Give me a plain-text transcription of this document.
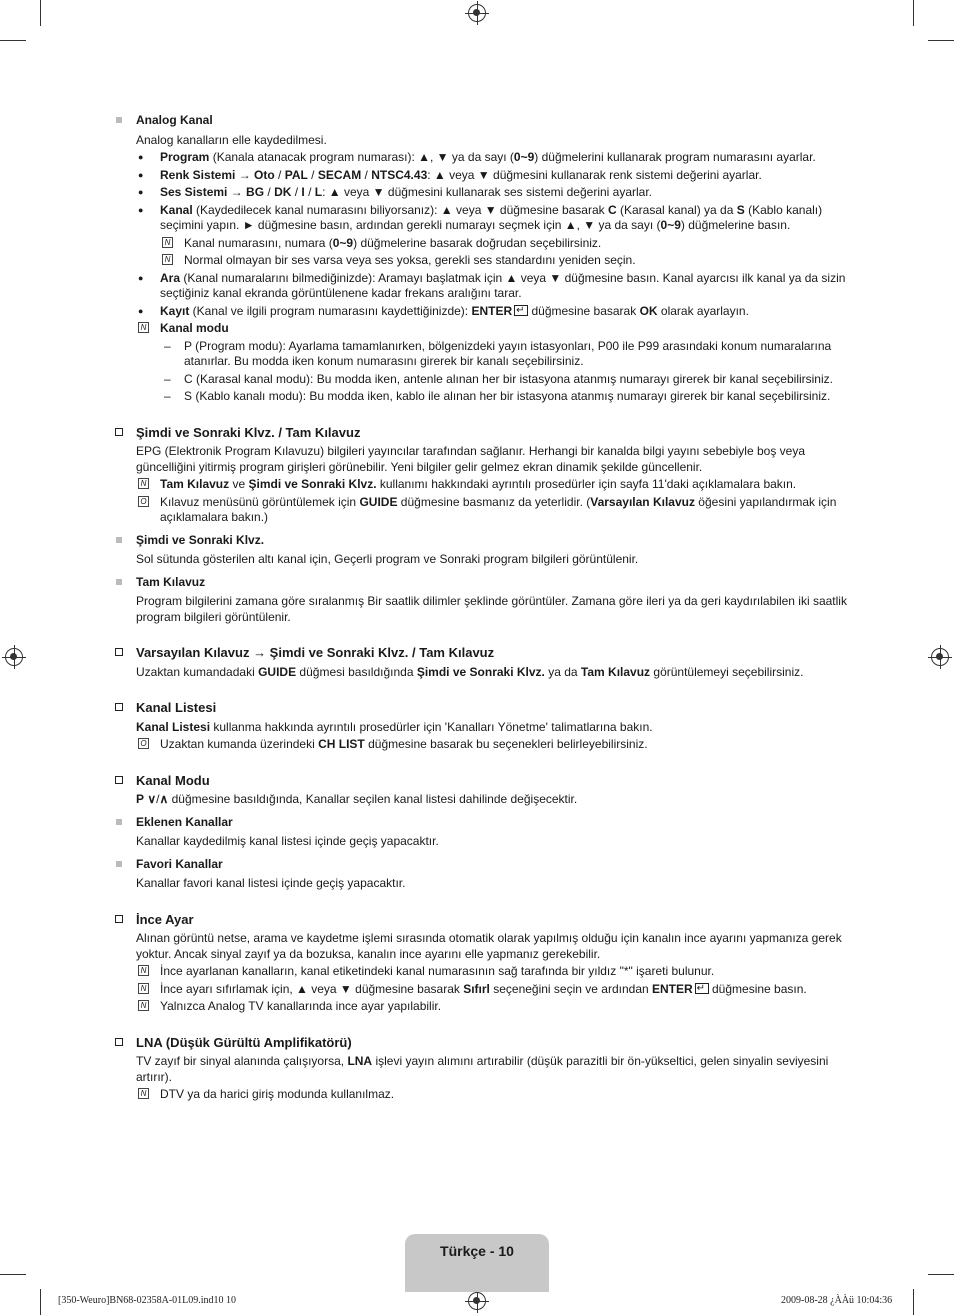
Analog Kanal
Analog kanalların elle kaydedilmesi.
● Program (Kanala atanacak program numarası): ▲, ▼ ya da sayı (0~9) düğmelerini kullanarak program numarasını ayarlar.
● Renk Sistemi → Oto / PAL / SECAM / NTSC4.43: ▲ veya ▼ düğmesini kullanarak renk sistemi değerini ayarlar.
● Ses Sistemi → BG / DK / I / L: ▲ veya ▼ düğmesini kullanarak ses sistemi değerini ayarlar.
● Kanal (Kaydedilecek kanal numarasını biliyorsanız): ▲ veya ▼ düğmesine basarak C (Karasal kanal) ya da S (Kablo kanalı) seçimini yapın. ► düğmesine basın, ardından gerekli numarayı seçmek için ▲, ▼ ya da sayı (0~9) düğmelerine basın.
N Kanal numarasını, numara (0~9) düğmelerine basarak doğrudan seçebilirsiniz.
N Normal olmayan bir ses varsa veya ses yoksa, gerekli ses standardını yeniden seçin.
● Ara (Kanal numaralarını bilmediğinizde): Aramayı başlatmak için ▲ veya ▼ düğmesine basın. Kanal ayarcısı ilk kanal ya da sizin seçtiğiniz kanal ekranda görüntülenene kadar frekans aralığını tarar.
● Kayıt (Kanal ve ilgili program numarasını kaydettiğinizde): ENTER↵ düğmesine basarak OK olarak ayarlayın.
N Kanal modu
– P (Program modu): Ayarlama tamamlanırken, bölgenizdeki yayın istasyonları, P00 ile P99 arasındaki konum numaralarına atanırlar. Bu modda iken konum numarasını girerek bir kanalı seçebilirsiniz.
– C (Karasal kanal modu): Bu modda iken, antenle alınan her bir istasyona atanmış numarayı girerek bir kanal seçebilirsiniz.
– S (Kablo kanalı modu): Bu modda iken, kablo ile alınan her bir istasyona atanmış numarayı girerek bir kanal seçebilirsiniz.
Şimdi ve Sonraki Klvz. / Tam Kılavuz
EPG (Elektronik Program Kılavuzu) bilgileri yayıncılar tarafından sağlanır. Herhangi bir kanalda bilgi yayını sebebiyle boş veya güncelliğini yitirmiş program girişleri görünebilir. Yeni bilgiler gelir gelmez ekran dinamik şekilde güncellenir.
N Tam Kılavuz ve Şimdi ve Sonraki Klvz. kullanımı hakkındaki ayrıntılı prosedürler için sayfa 11'daki açıklamalara bakın.
O Kılavuz menüsünü görüntülemek için GUIDE düğmesine basmanız da yeterlidir. (Varsayılan Kılavuz öğesini yapılandırmak için açıklamalara bakın.)
Şimdi ve Sonraki Klvz.
Sol sütunda gösterilen altı kanal için, Geçerli program ve Sonraki program bilgileri görüntülenir.
Tam Kılavuz
Program bilgilerini zamana göre sıralanmış Bir saatlik dilimler şeklinde görüntüler. Zamana göre ileri ya da geri kaydırılabilen iki saatlik program bilgileri görüntülenir.
Varsayılan Kılavuz → Şimdi ve Sonraki Klvz. / Tam Kılavuz
Uzaktan kumandadaki GUIDE düğmesi basıldığında Şimdi ve Sonraki Klvz. ya da Tam Kılavuz görüntülemeyi seçebilirsiniz.
Kanal Listesi
Kanal Listesi kullanma hakkında ayrıntılı prosedürler için 'Kanalları Yönetme' talimatlarına bakın.
O Uzaktan kumanda üzerindeki CH LIST düğmesine basarak bu seçenekleri belirleyebilirsiniz.
Kanal Modu
P ∨/∧ düğmesine basıldığında, Kanallar seçilen kanal listesi dahilinde değişecektir.
Eklenen Kanallar
Kanallar kaydedilmiş kanal listesi içinde geçiş yapacaktır.
Favori Kanallar
Kanallar favori kanal listesi içinde geçiş yapacaktır.
İnce Ayar
Alınan görüntü netse, arama ve kaydetme işlemi sırasında otomatik olarak yapılmış olduğu için kanalın ince ayarını yapmanıza gerek yoktur. Ancak sinyal zayıf ya da bozuksa, kanalın ince ayarını elle yapmanız gerekebilir.
N İnce ayarlanan kanalların, kanal etiketindeki kanal numarasının sağ tarafında bir yıldız "*" işareti bulunur.
N İnce ayarı sıfırlamak için, ▲ veya ▼ düğmesine basarak Sıfırl seçeneğini seçin ve ardından ENTER↵ düğmesine basın.
N Yalnızca Analog TV kanallarında ince ayar yapılabilir.
LNA (Düşük Gürültü Amplifikatörü)
TV zayıf bir sinyal alanında çalışıyorsa, LNA işlevi yayın alımını artırabilir (düşük parazitli bir ön-yükseltici, gelen sinyalin seviyesini artırır).
N DTV ya da harici giriş modunda kullanılmaz.
Türkçe - 10
[350-Weuro]BN68-02358A-01L09.ind10 10	2009-08-28 ¿ÀÀü 10:04:36
